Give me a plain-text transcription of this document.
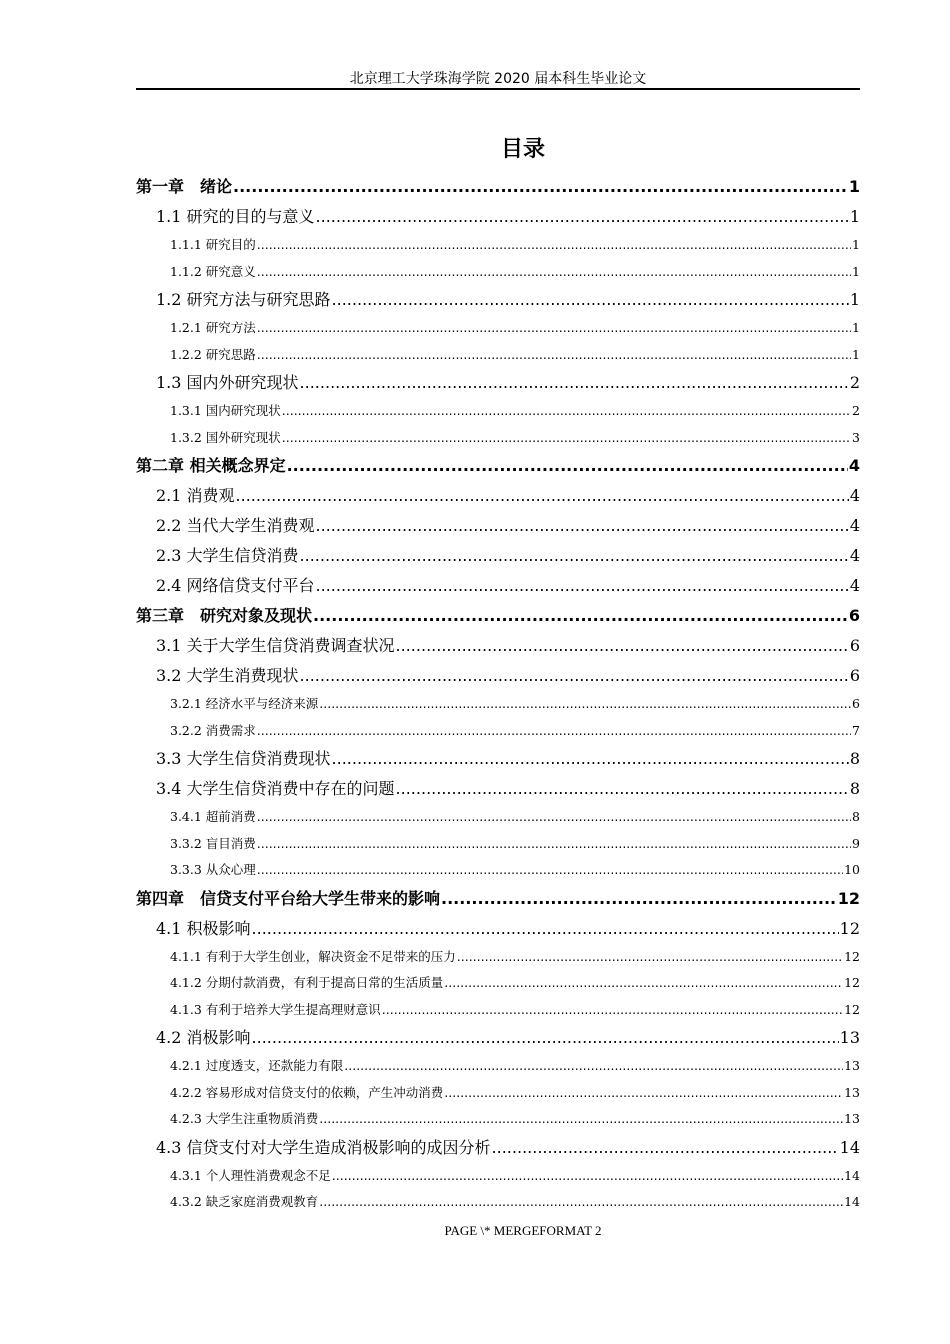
北京理工大学珠海学院 2020 届本科生毕业论文
目录
第一章　绪论 .....	1
1.1 研究的目的与意义 .....	1
1.1.1 研究目的 .....	1
1.1.2 研究意义 .....	1
1.2 研究方法与研究思路 .....	1
1.2.1 研究方法 .....	1
1.2.2 研究思路 .....	1
1.3 国内外研究现状 .....	2
1.3.1 国内研究现状 .....	2
1.3.2 国外研究现状 .....	3
第二章 相关概念界定 .....	4
2.1 消费观 .....	4
2.2 当代大学生消费观 .....	4
2.3 大学生信贷消费 .....	4
2.4 网络信贷支付平台 .....	4
第三章　研究对象及现状 .....	6
3.1 关于大学生信贷消费调查状况 .....	6
3.2 大学生消费现状 .....	6
3.2.1 经济水平与经济来源 .....	6
3.2.2 消费需求 .....	7
3.3 大学生信贷消费现状 .....	8
3.4 大学生信贷消费中存在的问题 .....	8
3.4.1 超前消费 .....	8
3.3.2 盲目消费 .....	9
3.3.3 从众心理 .....	10
第四章　信贷支付平台给大学生带来的影响 .....	12
4.1 积极影响 .....	12
4.1.1 有利于大学生创业，解决资金不足带来的压力 .....	12
4.1.2 分期付款消费，有利于提高日常的生活质量 .....	12
4.1.3 有利于培养大学生提高理财意识 .....	12
4.2 消极影响 .....	13
4.2.1 过度透支，还款能力有限 .....	13
4.2.2 容易形成对信贷支付的依赖，产生冲动消费 .....	13
4.2.3 大学生注重物质消费 .....	13
4.3 信贷支付对大学生造成消极影响的成因分析 .....	14
4.3.1 个人理性消费观念不足 .....	14
4.3.2 缺乏家庭消费观教育 .....	14
PAGE \* MERGEFORMAT 2
